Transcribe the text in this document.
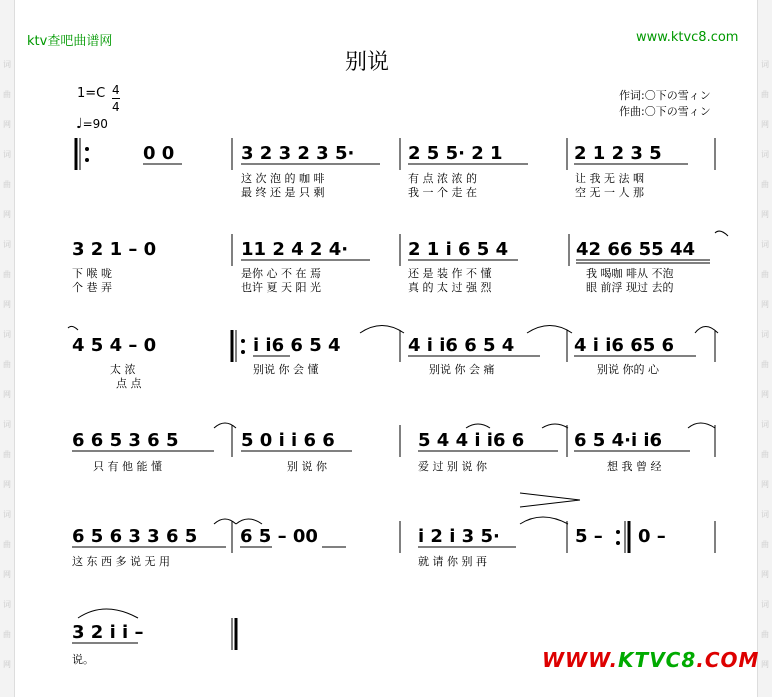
词
曲
网
词
曲
网
词
曲
网
词
曲
网
词
曲
网
词
曲
网
词
曲
网
词
曲
网
词
曲
网
词
曲
网
词
曲
网
词
曲
网
词
曲
网
词
曲
网
ktv查吧曲谱网	www.ktvc8.com
别说
$1=C \frac{4}{4}$
♩=90
作词:〇下の雪ィン
作曲:〇下の雪ィン
0 0	3 2 3 2 3 5·	2 5 5· 2 1	2 1 2 3 5
这 次 泡 的 咖 啡	有 点 浓 浓 的	让 我 无 法 咽
最 终 还 是 只 剩	我 一 个 走 在	空 无 一 人 那
3 2 1 – 0	11 2 4 2 4·	2 1 i 6 5 4	42 66 55 44
下 喉 咙	是你 心 不 在 焉	还 是 装 作 不 懂	我 喝咖 啡从 不泡
个 巷 弄	也许 夏 天 阳 光	真 的 太 过 强 烈	眼 前浮 现过 去的
4 5 4 – 0	i i6 6 5 4	4 i i6 6 5 4	4 i i6 65 6
太 浓
点 点
别说 你 会 懂	别说 你 会 痛	别说 你的 心
6 6 5 3 6 5	5 0 i i 6 6	5 4 4 i i6 6	6 5 4·i i6
只 有 他 能 懂	别 说 你	爱 过 别 说 你	想 我 曾 经
6 5 6 3 3 6 5 6 5 – 00	i 2 i 3 5·	5 – 0 –
这 东 西 多 说 无 用	就 请 你 别 再
3 2 i i –
说。	WWW.KTVC8.COM
